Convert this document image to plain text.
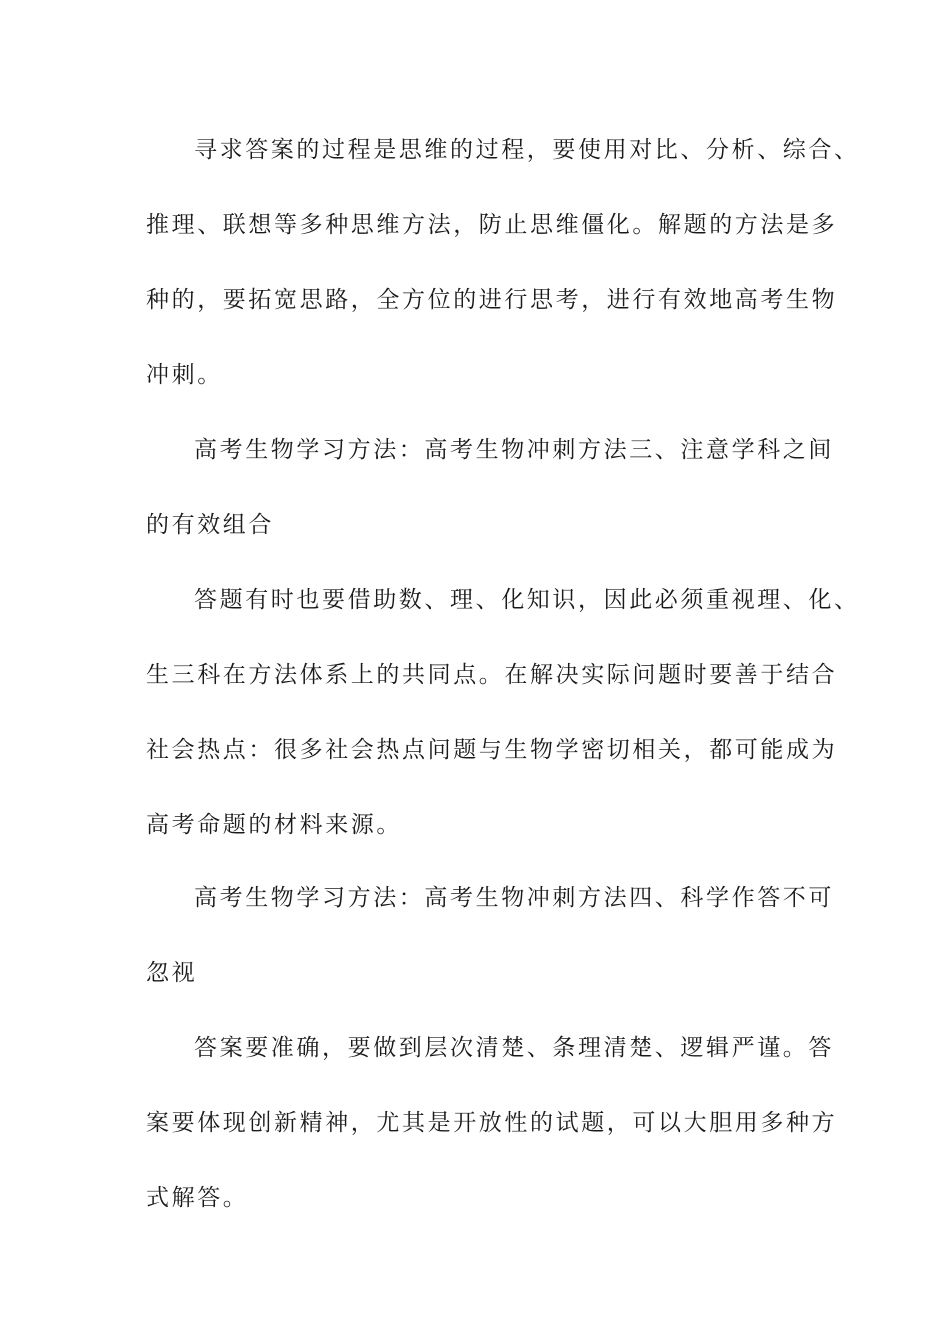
寻求答案的过程是思维的过程，要使用对比、分析、综合、
推理、联想等多种思维方法，防止思维僵化。解题的方法是多
种的，要拓宽思路，全方位的进行思考，进行有效地高考生物
冲刺。
高考生物学习方法：高考生物冲刺方法三、注意学科之间
的有效组合
答题有时也要借助数、理、化知识，因此必须重视理、化、
生三科在方法体系上的共同点。在解决实际问题时要善于结合
社会热点：很多社会热点问题与生物学密切相关，都可能成为
高考命题的材料来源。
高考生物学习方法：高考生物冲刺方法四、科学作答不可
忽视
答案要准确，要做到层次清楚、条理清楚、逻辑严谨。答
案要体现创新精神，尤其是开放性的试题，可以大胆用多种方
式解答。
